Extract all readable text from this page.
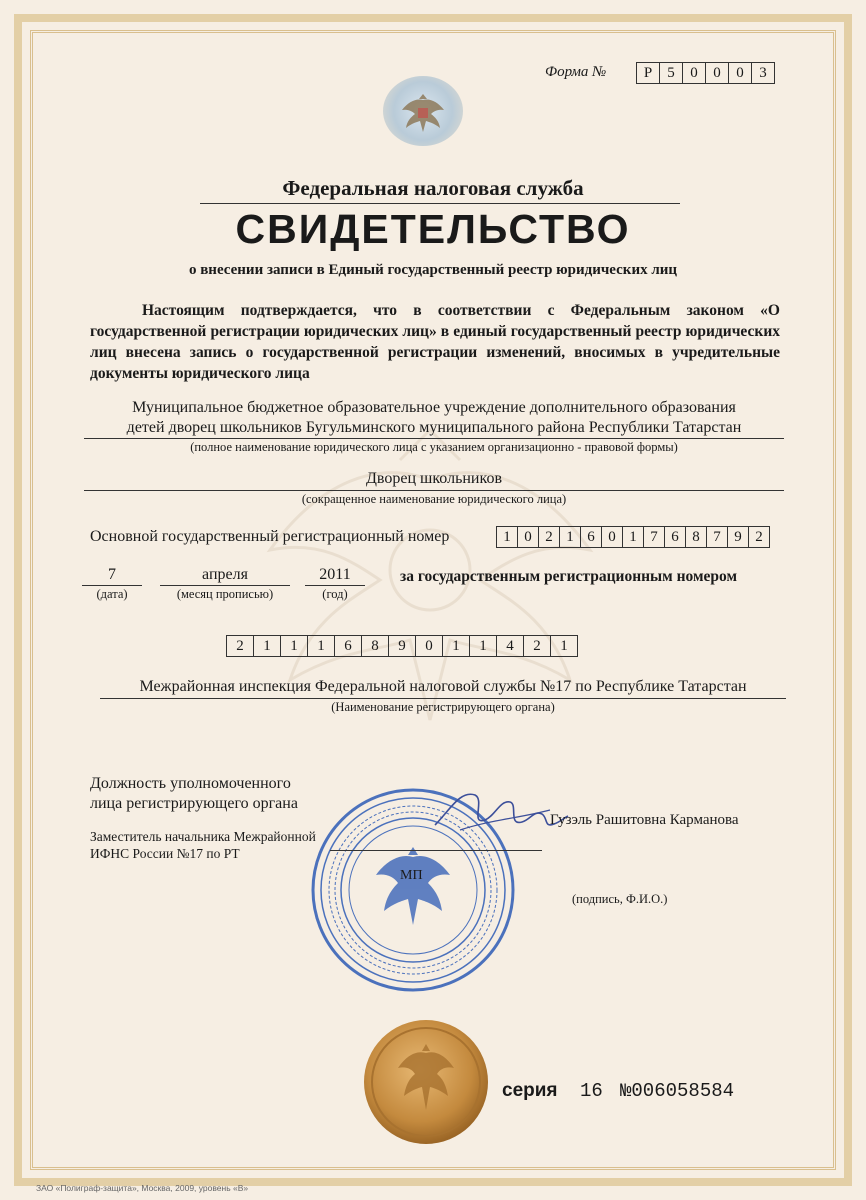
Форма №	Р	5	0	0	0	3
Федеральная налоговая служба
СВИДЕТЕЛЬСТВО
о внесении записи в Единый государственный реестр юридических лиц
Настоящим подтверждается, что в соответствии с Федеральным законом «О государственной регистрации юридических лиц» в единый государственный реестр юридических лиц внесена запись о государственной регистрации изменений, вносимых в учредительные документы юридического лица
Муниципальное бюджетное образовательное учреждение дополнительного образования
детей дворец школьников Бугульминского муниципального района Республики Татарстан
(полное наименование юридического лица с указанием организационно - правовой формы)
Дворец школьников
(сокращенное наименование юридического лица)
Основной государственный регистрационный номер	1 0 2 1 6 0 1 7 6 8 7 9 2
7
(дата)
апреля
(месяц прописью)
2011
(год)
за государственным регистрационным номером
2	1	1	1	6	8	9	0	1	1	4	2	1
Межрайонная инспекция Федеральной налоговой службы №17 по Республике Татарстан
(Наименование регистрирующего органа)
Должность уполномоченного
лица регистрирующего органа
Заместитель начальника Межрайонной
ИФНС России №17 по РТ
Гузэль Рашитовна Карманова
МП
(подпись, Ф.И.О.)
серия 16 №006058584
ЗАО «Полиграф-защита», Москва, 2009, уровень «В»
